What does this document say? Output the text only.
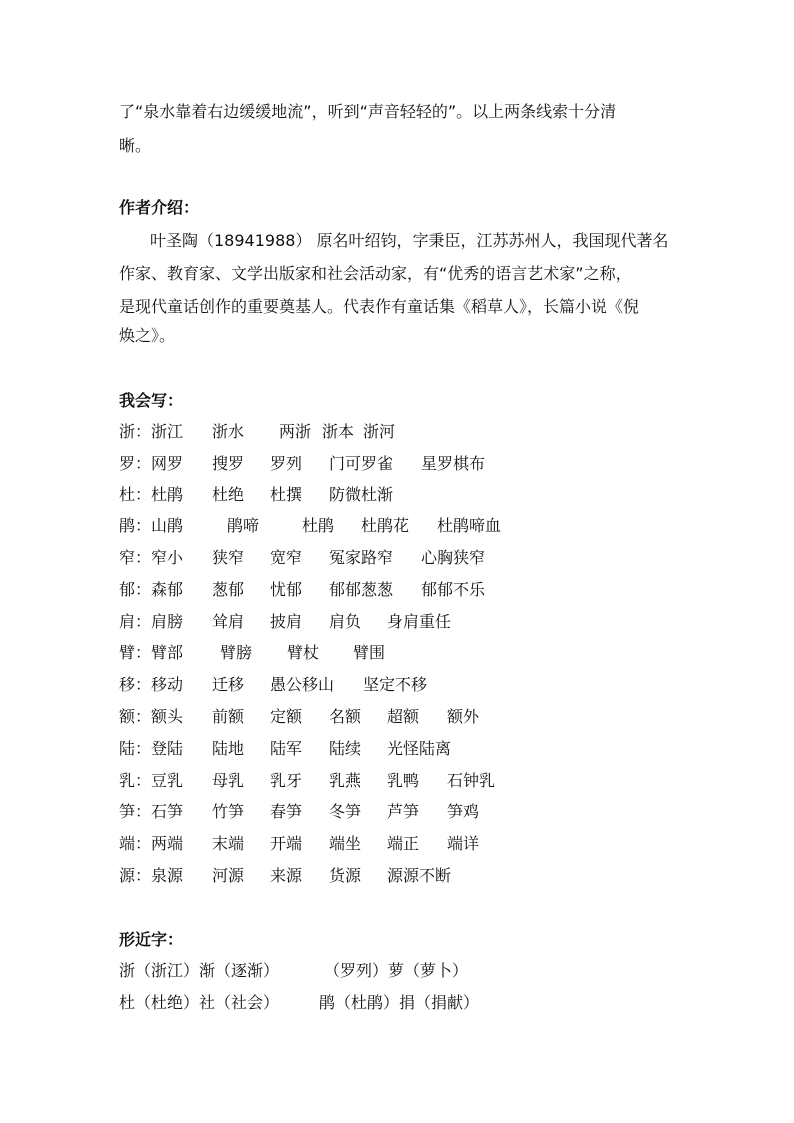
了“泉水靠着右边缓缓地流”，听到“声音轻轻的”。以上两条线索十分清
晰。
作者介绍：
叶圣陶（18941988） 原名叶绍钧，字秉臣，江苏苏州人，我国现代著名
作家、教育家、文学出版家和社会活动家，有“优秀的语言艺术家”之称，
是现代童话创作的重要奠基人。代表作有童话集《稻草人》，长篇小说《倪
焕之》。
我会写：
浙：浙江 浙水 两浙 浙本 浙河
罗：网罗 搜罗 罗列 门可罗雀 星罗棋布
杜：杜鹃 杜绝 杜撰 防微杜渐
鹃：山鹃	鹃啼	杜鹃 杜鹃花 杜鹃啼血
窄：窄小 狭窄 宽窄 冤家路窄 心胸狭窄
郁：森郁 葱郁 忧郁 郁郁葱葱 郁郁不乐
肩：肩膀 耸肩 披肩 肩负 身肩重任
臂：臂部 臂膀 臂杖 臂围
移：移动 迁移 愚公移山 坚定不移
额：额头 前额 定额 名额 超额 额外
陆：登陆 陆地 陆军 陆续 光怪陆离
乳：豆乳 母乳 乳牙 乳燕 乳鸭 石钟乳
笋：石笋 竹笋 春笋 冬笋 芦笋 笋鸡
端：两端 末端 开端 端坐 端正 端详
源：泉源 河源 来源 货源 源源不断
形近字：
浙（浙江）渐（逐渐）	（罗列）萝（萝卜）
杜（杜绝）社（社会） 鹃（杜鹃）捐（捐献）
